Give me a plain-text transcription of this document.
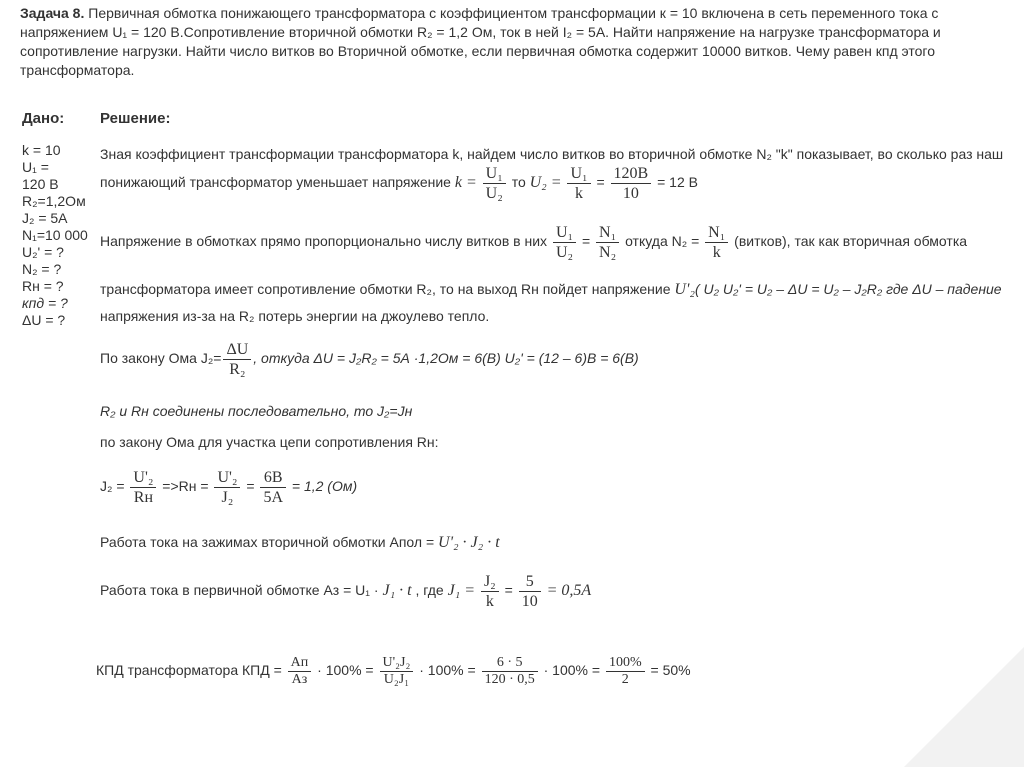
Задача 8. Первичная обмотка понижающего трансформатора с коэффициентом трансформации к = 10 включена в сеть переменного тока с напряжением U₁ = 120 В.Сопротивление вторичной обмотки R₂ = 1,2 Ом, ток в ней I₂ = 5А. Найти напряжение на нагрузке трансформатора и сопротивление нагрузки. Найти число витков во Вторичной обмотке, если первичная обмотка содержит 10000 витков. Чему равен кпд этого трансформатора.
Дано: Решение:
k = 10
U₁ =
120 В
R₂=1,2Ом
J₂ = 5А
N₁=10 000
U₂' = ?
N₂ = ?
Rн = ?
кпд = ?
ΔU = ?
Зная коэффициент трансформации трансформатора k, найдем число витков во вторичной обмотке N₂ "k" показывает, во сколько раз наш
понижающий трансформатор уменьшает напряжение $k = \frac{\text{U₁}}{\text{U₂}}$ то $U_2 = \frac{\text{U₁}}{k} = \frac{120В}{10} = 12$ В
Напряжение в обмотках прямо пропорционально числу витков в них $\frac{\text{U₁}}{\text{U₂}} = \frac{\text{N₁}}{\text{N₂}}$ откуда $N_2 = \frac{\text{N₁}}{k}$ (витков), так как вторичная обмотка
трансформатора имеет сопротивление обмотки R₂, то на выход Rн пойдет напряжение U'₂( U₂ U₂' = U₂ – ΔU = U₂ – J₂R₂ где ΔU – падение
напряжения из-за на R₂ потерь энергии на джоулево тепло.
По закону Ома $J_2= \frac{\Delta U}{\text{R₂}}$ , откуда ΔU = J₂R₂ = 5А ·1,2Ом = 6(В) U₂' = (12 – 6)В = 6(В)
R₂ и Rн соединены последовательно, то J₂=Jн
по закону Ома для участка цепи сопротивления Rн:
$J_2 = \frac{\text{U'₂}}{Rн} =>Rн = \frac{\text{U'₂}}{\text{J₂}} = \frac{6В}{5А} = 1,2$ (Ом)
Работа тока на зажимах вторичной обмотки Апол = U'₂ · J₂ · t
Работа тока в первичной обмотке Аз = U₁ · J₁ · t , где $J_1 = \frac{\text{J₂}}{k} = \frac{5}{10} = 0,5А$
КПД трансформатора КПД = $\frac{Ап}{Аз} \cdot 100\% = \frac{\text{U'₂J₂}}{\text{U₂J₁}} \cdot 100\% = \frac{6 \cdot 5}{120 \cdot 0,5} \cdot 100\% = \frac{100\%}{2} = 50\%$
